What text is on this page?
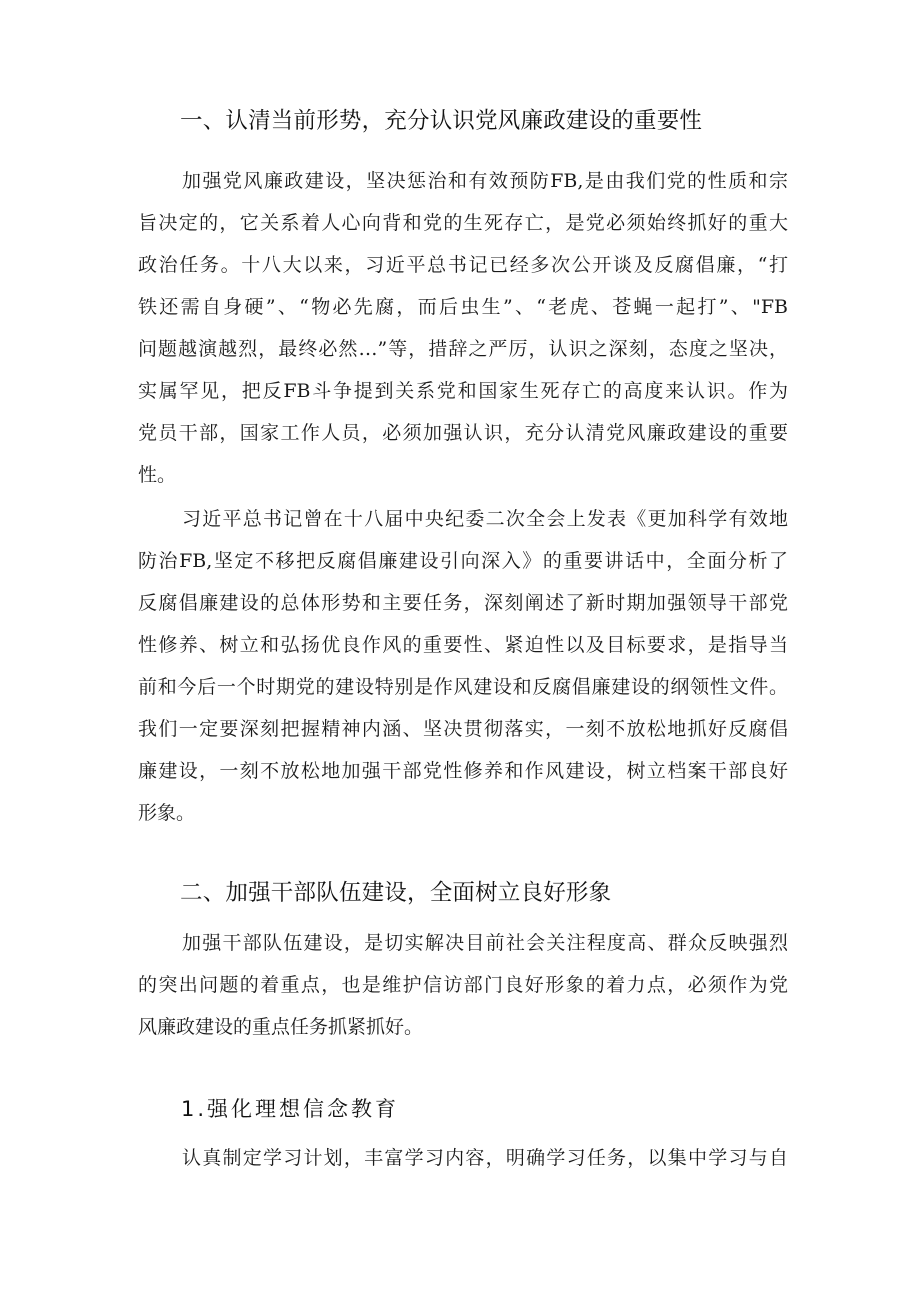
一、认清当前形势，充分认识党风廉政建设的重要性
加强党风廉政建设，坚决惩治和有效预防FB,是由我们党的性质和宗
旨决定的，它关系着人心向背和党的生死存亡，是党必须始终抓好的重大
政治任务。十八大以来，习近平总书记已经多次公开谈及反腐倡廉，“打
铁还需自身硬”、“物必先腐，而后虫生”、“老虎、苍蝇一起打”、"FB
问题越演越烈，最终必然…”等，措辞之严厉，认识之深刻，态度之坚决，
实属罕见，把反FB斗争提到关系党和国家生死存亡的高度来认识。作为
党员干部，国家工作人员，必须加强认识，充分认清党风廉政建设的重要
性。
习近平总书记曾在十八届中央纪委二次全会上发表《更加科学有效地
防治FB,坚定不移把反腐倡廉建设引向深入》的重要讲话中，全面分析了
反腐倡廉建设的总体形势和主要任务，深刻阐述了新时期加强领导干部党
性修养、树立和弘扬优良作风的重要性、紧迫性以及目标要求，是指导当
前和今后一个时期党的建设特别是作风建设和反腐倡廉建设的纲领性文件。
我们一定要深刻把握精神内涵、坚决贯彻落实，一刻不放松地抓好反腐倡
廉建设，一刻不放松地加强干部党性修养和作风建设，树立档案干部良好
形象。
二、加强干部队伍建设，全面树立良好形象
加强干部队伍建设，是切实解决目前社会关注程度高、群众反映强烈
的突出问题的着重点，也是维护信访部门良好形象的着力点，必须作为党
风廉政建设的重点任务抓紧抓好。
1.强化理想信念教育
认真制定学习计划，丰富学习内容，明确学习任务，以集中学习与自
